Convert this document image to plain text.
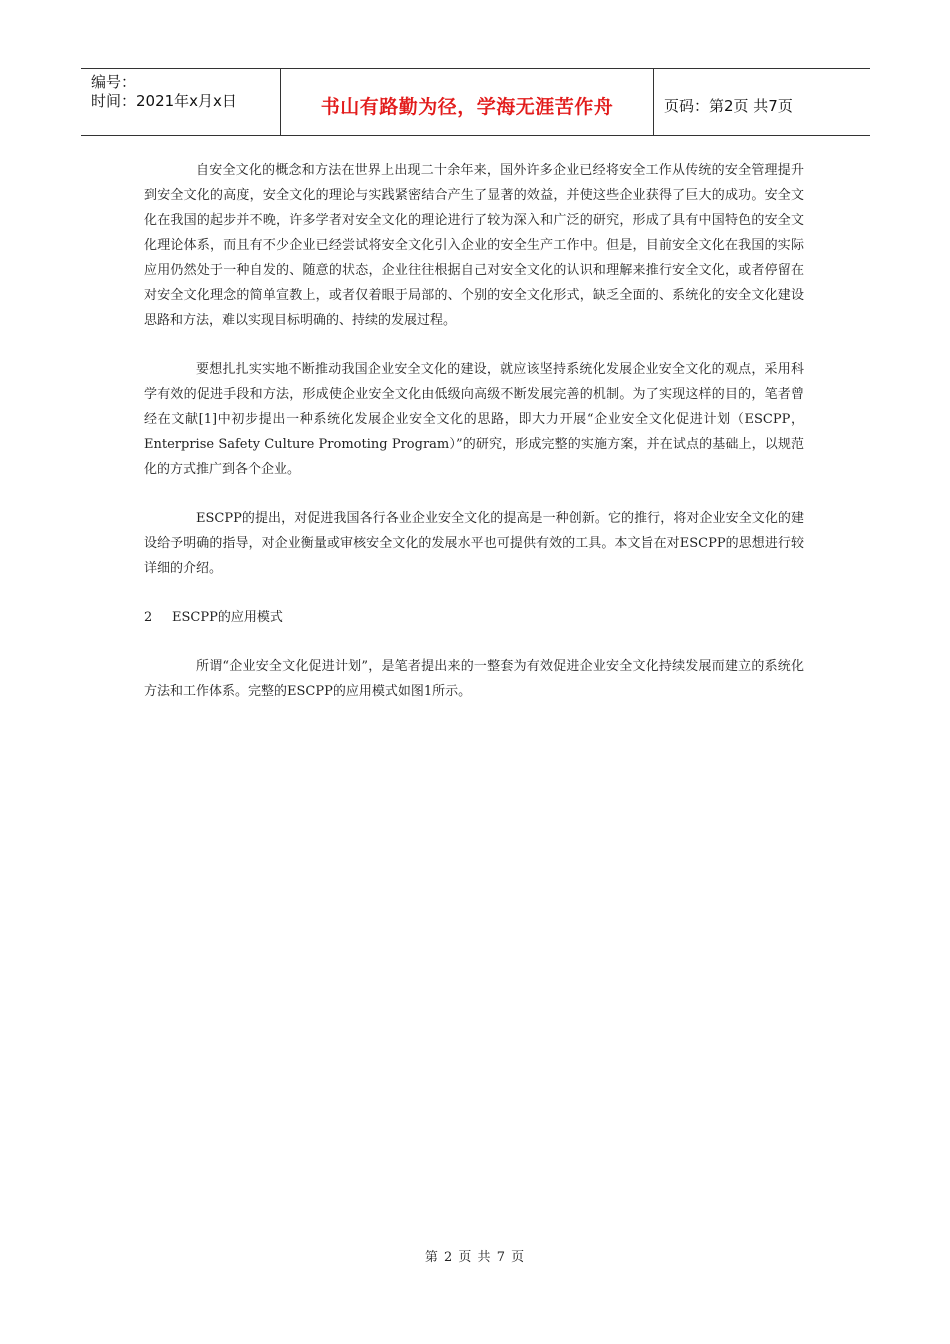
编号：
时间：2021年x月x日	书山有路勤为径，学海无涯苦作舟	页码：第2页 共7页

自安全文化的概念和方法在世界上出现二十余年来，国外许多企业已经将安全工作从传统的安全管理提升到安全文化的高度，安全文化的理论与实践紧密结合产生了显著的效益，并使这些企业获得了巨大的成功。安全文化在我国的起步并不晚，许多学者对安全文化的理论进行了较为深入和广泛的研究，形成了具有中国特色的安全文化理论体系，而且有不少企业已经尝试将安全文化引入企业的安全生产工作中。但是，目前安全文化在我国的实际应用仍然处于一种自发的、随意的状态，企业往往根据自己对安全文化的认识和理解来推行安全文化，或者停留在对安全文化理念的简单宣教上，或者仅着眼于局部的、个别的安全文化形式，缺乏全面的、系统化的安全文化建设思路和方法，难以实现目标明确的、持续的发展过程。

要想扎扎实实地不断推动我国企业安全文化的建设，就应该坚持系统化发展企业安全文化的观点，采用科学有效的促进手段和方法，形成使企业安全文化由低级向高级不断发展完善的机制。为了实现这样的目的，笔者曾经在文献[1]中初步提出一种系统化发展企业安全文化的思路，即大力开展“企业安全文化促进计划（ESCPP，Enterprise Safety Culture Promoting Program）”的研究，形成完整的实施方案，并在试点的基础上，以规范化的方式推广到各个企业。

ESCPP的提出，对促进我国各行各业企业安全文化的提高是一种创新。它的推行，将对企业安全文化的建设给予明确的指导，对企业衡量或审核安全文化的发展水平也可提供有效的工具。本文旨在对ESCPP的思想进行较详细的介绍。

2 ESCPP的应用模式

所谓“企业安全文化促进计划”，是笔者提出来的一整套为有效促进企业安全文化持续发展而建立的系统化方法和工作体系。完整的ESCPP的应用模式如图1所示。

第 2 页 共 7 页
